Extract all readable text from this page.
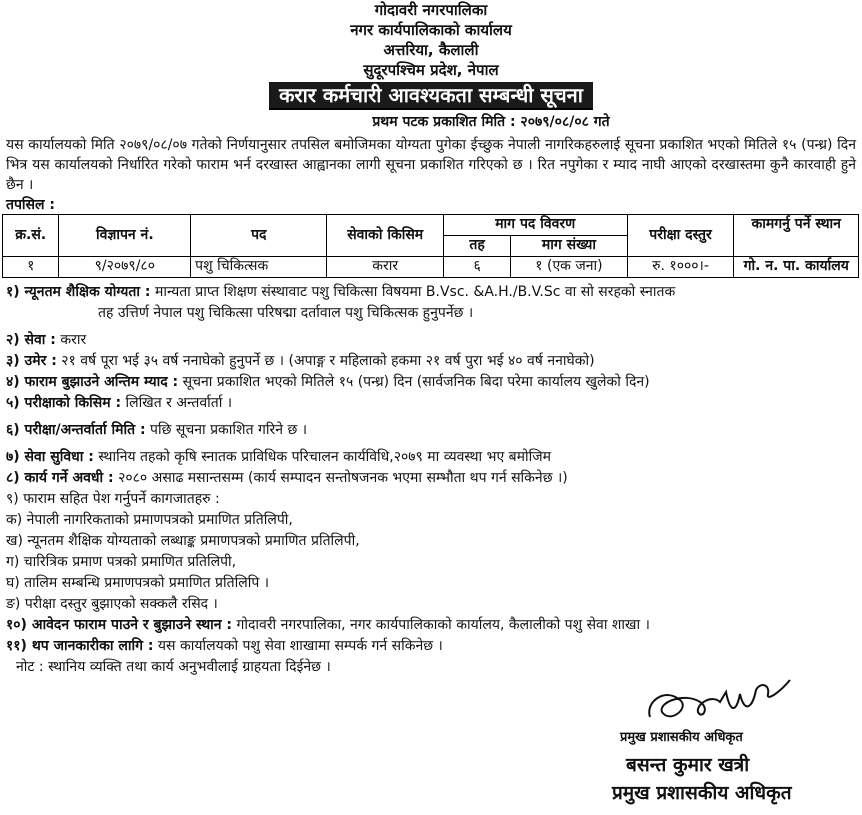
गोदावरी नगरपालिका
नगर कार्यपालिकाको कार्यालय
अत्तरिया, कैलाली
सुदूरपश्चिम प्रदेश, नेपाल
करार कर्मचारी आवश्यकता सम्बन्धी सूचना
प्रथम पटक प्रकाशित मिति : २०७९/०८/०८ गते
यस कार्यालयको मिति २०७९/०८/०७ गतेको निर्णयानुसार तपसिल बमोजिमका योग्यता पुगेका ईच्छुक नेपाली नागरिकहरुलाई सूचना प्रकाशित भएको मितिले १५ (पन्ध्र) दिन भित्र यस कार्यालयको निर्धारित गरेको फाराम भर्न दरखास्त आह्वानका लागी सूचना प्रकाशित गरिएको छ । रित नपुगेका र म्याद नाघी आएको दरखास्तमा कुनै कारवाही हुने छैन ।
तपसिल :
क्र.सं.	विज्ञापन नं.	पद	सेवाको किसिम	माग पद विवरण		परीक्षा दस्तुर	कामगर्नु पर्ने स्थान
				तह	माग संख्या		
१	९/२०७९/८०	पशु चिकित्सक	करार	६	१ (एक जना)	रु. १०००।-	गो. न. पा. कार्यालय
१) न्यूनतम शैक्षिक योग्यता : मान्यता प्राप्त शिक्षण संस्थावाट पशु चिकित्सा विषयमा B.Vsc. &A.H./B.V.Sc वा सो सरहको स्नातक
तह उत्तिर्ण नेपाल पशु चिकित्सा परिषद्मा दर्तावाल पशु चिकित्सक हुनुपर्नेछ ।
२) सेवा : करार
३) उमेर : २१ वर्ष पूरा भई ३५ वर्ष ननाघेको हुनुपर्ने छ । (अपाङ्ग र महिलाको हकमा २१ वर्ष पुरा भई ४० वर्ष ननाघेको)
४) फाराम बुझाउने अन्तिम म्याद : सूचना प्रकाशित भएको मितिले १५ (पन्ध्र) दिन (सार्वजनिक बिदा परेमा कार्यालय खुलेको दिन)
५) परीक्षाको किसिम : लिखित र अन्तर्वार्ता ।
६) परीक्षा/अन्तर्वार्ता मिति : पछि सूचना प्रकाशित गरिने छ ।
७) सेवा सुविधा : स्थानिय तहको कृषि स्नातक प्राविधिक परिचालन कार्यविधि,२०७९ मा व्यवस्था भए बमोजिम
८) कार्य गर्ने अवधी : २०८० असाढ मसान्तसम्म (कार्य सम्पादन सन्तोषजनक भएमा सम्भौता थप गर्न सकिनेछ ।)
९) फाराम सहित पेश गर्नुपर्ने कागजातहरु :
क) नेपाली नागरिकताको प्रमाणपत्रको प्रमाणित प्रतिलिपी,
ख) न्यूनतम शैक्षिक योग्यताको लब्धाङ्क प्रमाणपत्रको प्रमाणित प्रतिलिपी,
ग) चारित्रिक प्रमाण पत्रको प्रमाणित प्रतिलिपी,
घ) तालिम सम्बन्धि प्रमाणपत्रको प्रमाणित प्रतिलिपि ।
ङ) परीक्षा दस्तुर बुझाएको सक्कलै रसिद ।
१०) आवेदन फाराम पाउने र बुझाउने स्थान : गोदावरी नगरपालिका, नगर कार्यपालिकाको कार्यालय, कैलालीको पशु सेवा शाखा ।
११) थप जानकारीका लागि : यस कार्यालयको पशु सेवा शाखामा सम्पर्क गर्न सकिनेछ ।
नोट : स्थानिय व्यक्ति तथा कार्य अनुभवीलाई ग्राहयता दिईनेछ ।
प्रमुख प्रशासकीय अधिकृत
बसन्त कुमार खत्री
प्रमुख प्रशासकीय अधिकृत
